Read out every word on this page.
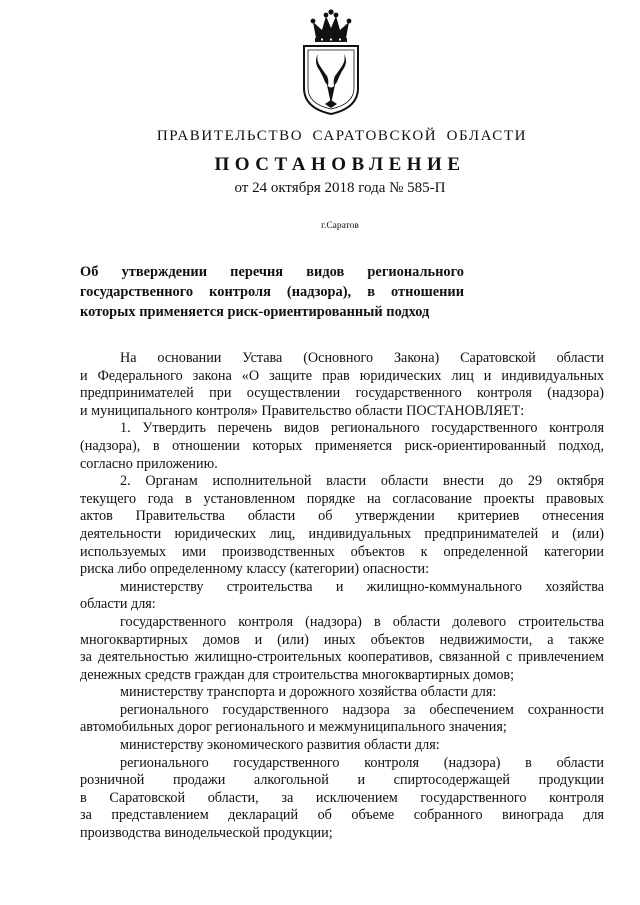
ПРАВИТЕЛЬСТВО САРАТОВСКОЙ ОБЛАСТИ
ПОСТАНОВЛЕНИЕ
от 24 октября 2018 года № 585-П
г.Саратов
Об утверждении перечня видов регионального
государственного контроля (надзора), в отношении
которых применяется риск-ориентированный подход
На основании Устава (Основного Закона) Саратовской области
и Федерального закона «О защите прав юридических лиц и индивидуальных
предпринимателей при осуществлении государственного контроля (надзора)
и муниципального контроля» Правительство области ПОСТАНОВЛЯЕТ:
1. Утвердить перечень видов регионального государственного контроля
(надзора), в отношении которых применяется риск-ориентированный подход,
согласно приложению.
2. Органам исполнительной власти области внести до 29 октября
текущего года в установленном порядке на согласование проекты правовых
актов Правительства области об утверждении критериев отнесения
деятельности юридических лиц, индивидуальных предпринимателей и (или)
используемых ими производственных объектов к определенной категории
риска либо определенному классу (категории) опасности:
министерству строительства и жилищно-коммунального хозяйства
области для:
государственного контроля (надзора) в области долевого строительства
многоквартирных домов и (или) иных объектов недвижимости, а также
за деятельностью жилищно-строительных кооперативов, связанной с привлечением
денежных средств граждан для строительства многоквартирных домов;
министерству транспорта и дорожного хозяйства области для:
регионального государственного надзора за обеспечением сохранности
автомобильных дорог регионального и межмуниципального значения;
министерству экономического развития области для:
регионального государственного контроля (надзора) в области
розничной продажи алкогольной и спиртосодержащей продукции
в Саратовской области, за исключением государственного контроля
за представлением деклараций об объеме собранного винограда для
производства винодельческой продукции;
